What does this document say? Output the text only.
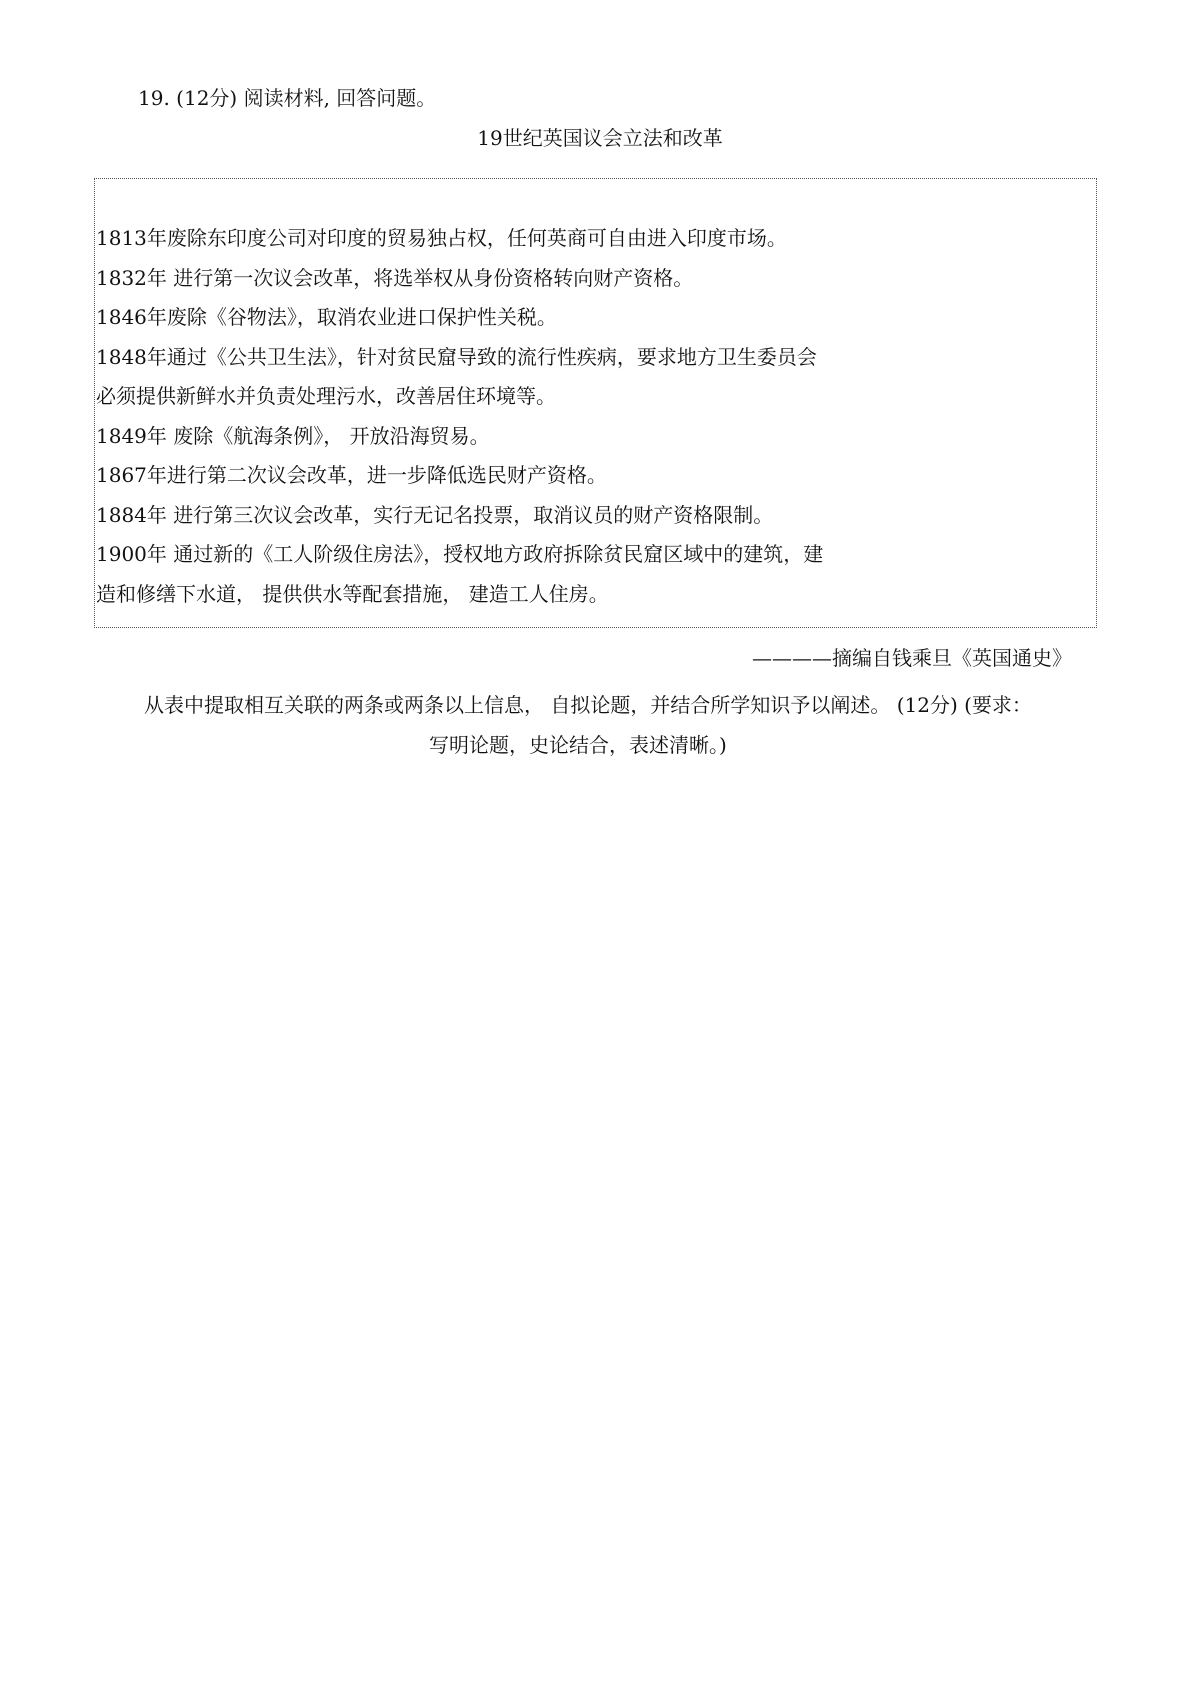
19. (12分) 阅读材料, 回答问题。
19世纪英国议会立法和改革
1813年废除东印度公司对印度的贸易独占权，任何英商可自由进入印度市场。
1832年 进行第一次议会改革，将选举权从身份资格转向财产资格。
1846年废除《谷物法》，取消农业进口保护性关税。
1848年通过《公共卫生法》，针对贫民窟导致的流行性疾病，要求地方卫生委员会
必须提供新鲜水并负责处理污水，改善居住环境等。
1849年 废除《航海条例》， 开放沿海贸易。
1867年进行第二次议会改革，进一步降低选民财产资格。
1884年 进行第三次议会改革，实行无记名投票，取消议员的财产资格限制。
1900年 通过新的《工人阶级住房法》，授权地方政府拆除贫民窟区域中的建筑，建
造和修缮下水道， 提供供水等配套措施， 建造工人住房。
————摘编自钱乘旦《英国通史》
从表中提取相互关联的两条或两条以上信息， 自拟论题，并结合所学知识予以阐述。 (12分) (要求：
写明论题，史论结合，表述清晰。)
